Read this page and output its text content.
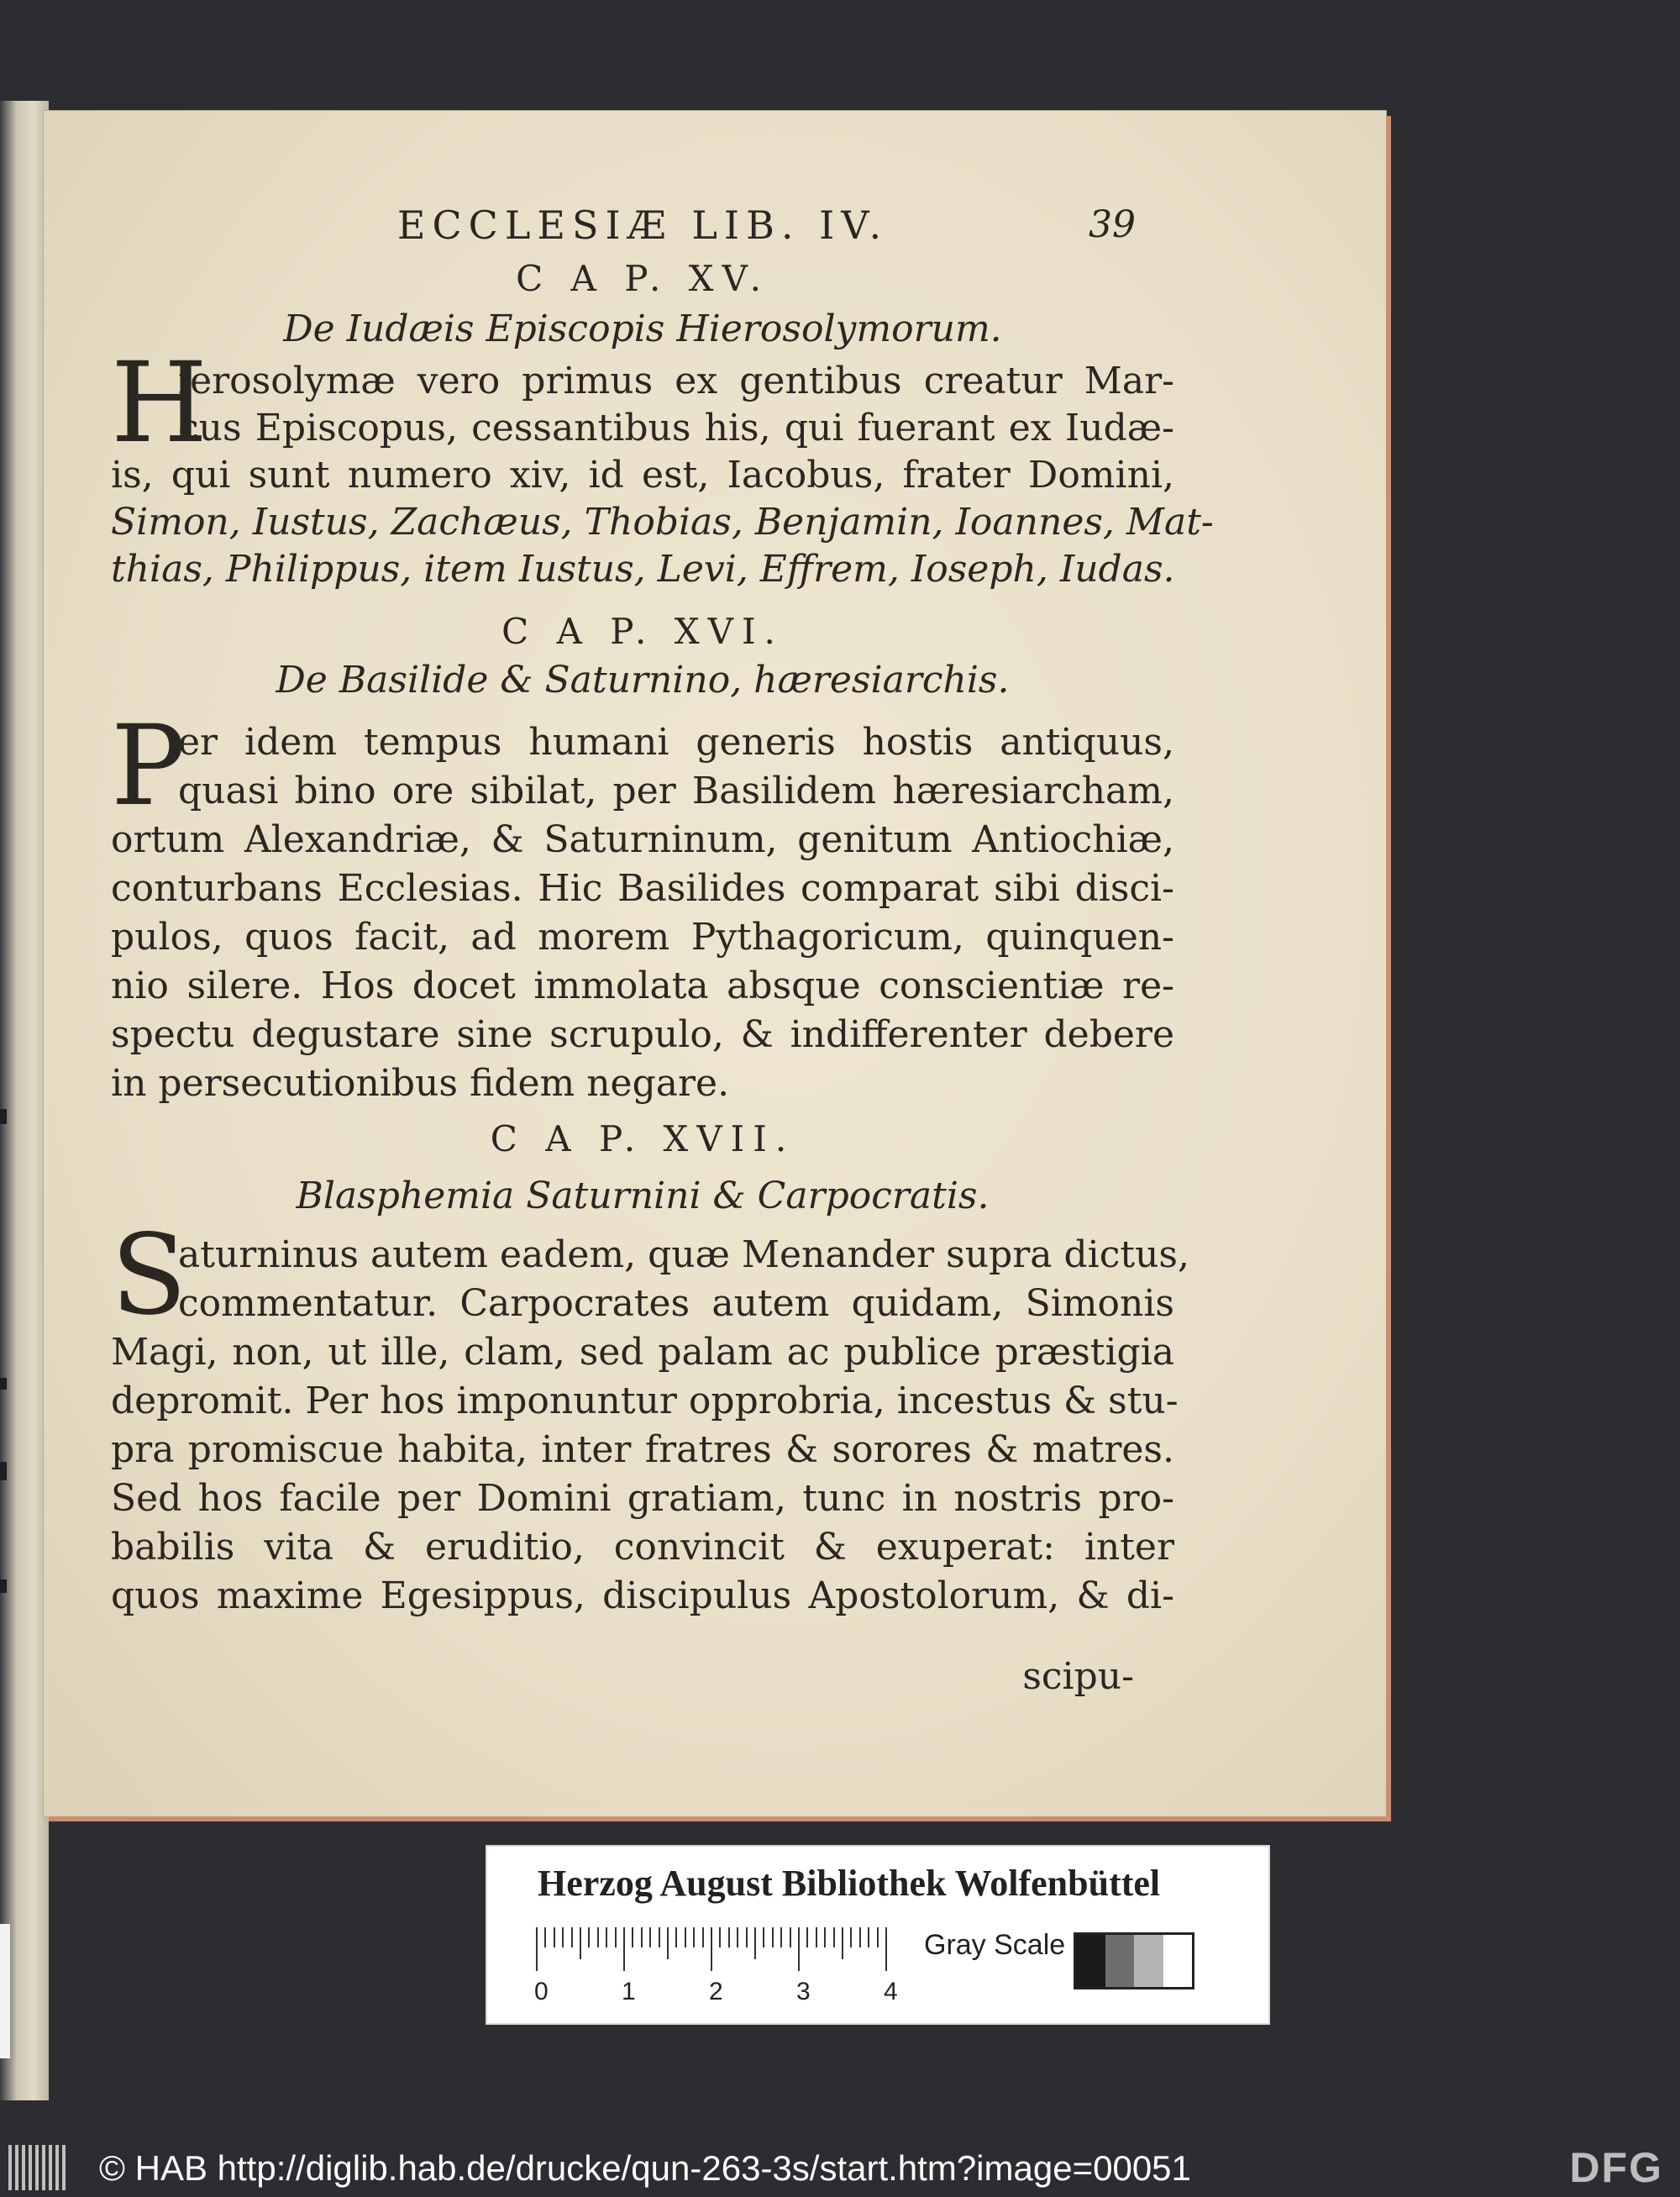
ECCLESIÆ LIB. IV.	39
C A P. XV.
De Iudæis Episcopis Hierosolymorum.
H
ierosolymæ vero primus ex gentibus creatur Mar-
cus Episcopus, cessantibus his, qui fuerant ex Iudæ-
is, qui sunt numero xiv, id est, Iacobus, frater Domini,
Simon, Iustus, Zachæus, Thobias, Benjamin, Ioannes, Mat-
thias, Philippus, item Iustus, Levi, Effrem, Ioseph, Iudas.
C A P. XVI.
De Basilide & Saturnino, hæresiarchis.
P
er idem tempus humani generis hostis antiquus,
quasi bino ore sibilat, per Basilidem hæresiarcham,
ortum Alexandriæ, & Saturninum, genitum Antiochiæ,
conturbans Ecclesias. Hic Basilides comparat sibi disci-
pulos, quos facit, ad morem Pythagoricum, quinquen-
nio silere. Hos docet immolata absque conscientiæ re-
spectu degustare sine scrupulo, & indifferenter debere
in persecutionibus fidem negare.
C A P. XVII.
Blasphemia Saturnini & Carpocratis.
S
aturninus autem eadem, quæ Menander supra dictus,
commentatur. Carpocrates autem quidam, Simonis
Magi, non, ut ille, clam, sed palam ac publice præstigia
depromit. Per hos imponuntur opprobria, incestus & stu-
pra promiscue habita, inter fratres & sorores & matres.
Sed hos facile per Domini gratiam, tunc in nostris pro-
babilis vita & eruditio, convincit & exuperat: inter
quos maxime Egesippus, discipulus Apostolorum, & di-
scipu-
Herzog August Bibliothek Wolfenbüttel
0	1	2	3	4
Gray Scale
© HAB http://diglib.hab.de/drucke/qun-263-3s/start.htm?image=00051	DFG
